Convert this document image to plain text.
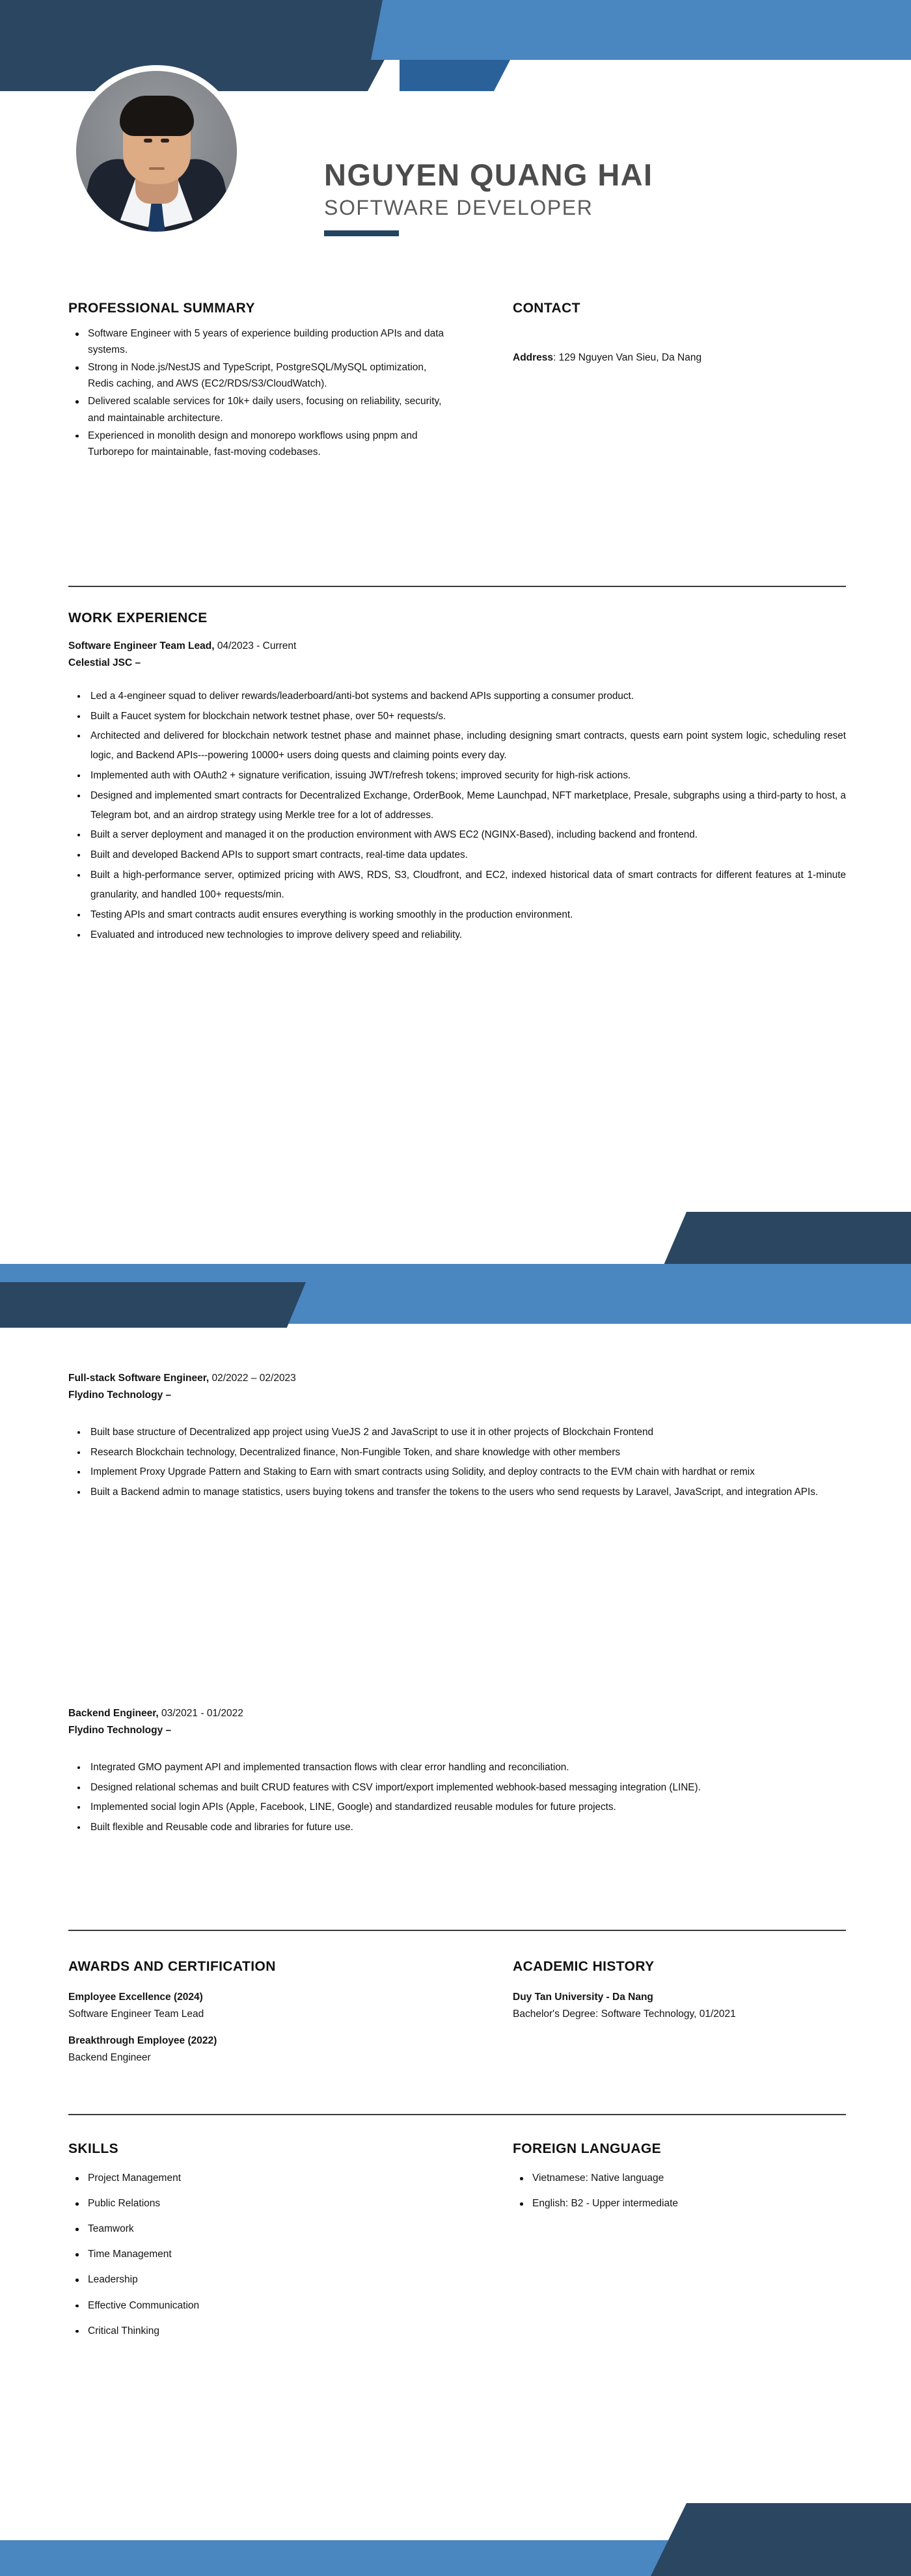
NGUYEN QUANG HAI
SOFTWARE DEVELOPER
PROFESSIONAL SUMMARY
Software Engineer with 5 years of experience building production APIs and data systems.
Strong in Node.js/NestJS and TypeScript, PostgreSQL/MySQL optimization, Redis caching, and AWS (EC2/RDS/S3/CloudWatch).
Delivered scalable services for 10k+ daily users, focusing on reliability, security, and maintainable architecture.
Experienced in monolith design and monorepo workflows using pnpm and Turborepo for maintainable, fast-moving codebases.
CONTACT
Address: 129 Nguyen Van Sieu, Da Nang
WORK EXPERIENCE
Software Engineer Team Lead, 04/2023 - Current
Celestial JSC –
Led a 4-engineer squad to deliver rewards/leaderboard/anti-bot systems and backend APIs supporting a consumer product.
Built a Faucet system for blockchain network testnet phase, over 50+ requests/s.
Architected and delivered for blockchain network testnet phase and mainnet phase, including designing smart contracts, quests earn point system logic, scheduling reset logic, and Backend APIs---powering 10000+ users doing quests and claiming points every day.
Implemented auth with OAuth2 + signature verification, issuing JWT/refresh tokens; improved security for high-risk actions.
Designed and implemented smart contracts for Decentralized Exchange, OrderBook, Meme Launchpad, NFT marketplace, Presale, subgraphs using a third-party to host, a Telegram bot, and an airdrop strategy using Merkle tree for a lot of addresses.
Built a server deployment and managed it on the production environment with AWS EC2 (NGINX-Based), including backend and frontend.
Built and developed Backend APIs to support smart contracts, real-time data updates.
Built a high-performance server, optimized pricing with AWS, RDS, S3, Cloudfront, and EC2, indexed historical data of smart contracts for different features at 1-minute granularity, and handled 100+ requests/min.
Testing APIs and smart contracts audit ensures everything is working smoothly in the production environment.
Evaluated and introduced new technologies to improve delivery speed and reliability.
Full-stack Software Engineer, 02/2022 – 02/2023
Flydino Technology –
Built base structure of Decentralized app project using VueJS 2 and JavaScript to use it in other projects of Blockchain Frontend
Research Blockchain technology, Decentralized finance, Non-Fungible Token, and share knowledge with other members
Implement Proxy Upgrade Pattern and Staking to Earn with smart contracts using Solidity, and deploy contracts to the EVM chain with hardhat or remix
Built a Backend admin to manage statistics, users buying tokens and transfer the tokens to the users who send requests by Laravel, JavaScript, and integration APIs.
Backend Engineer, 03/2021 - 01/2022
Flydino Technology –
Integrated GMO payment API and implemented transaction flows with clear error handling and reconciliation.
Designed relational schemas and built CRUD features with CSV import/export implemented webhook-based messaging integration (LINE).
Implemented social login APIs (Apple, Facebook, LINE, Google) and standardized reusable modules for future projects.
Built flexible and Reusable code and libraries for future use.
AWARDS AND CERTIFICATION
Employee Excellence (2024)
Software Engineer Team Lead
Breakthrough Employee (2022)
Backend Engineer
ACADEMIC HISTORY
Duy Tan University - Da Nang
Bachelor's Degree: Software Technology, 01/2021
SKILLS
Project Management
Public Relations
Teamwork
Time Management
Leadership
Effective Communication
Critical Thinking
FOREIGN LANGUAGE
Vietnamese: Native language
English: B2 - Upper intermediate
